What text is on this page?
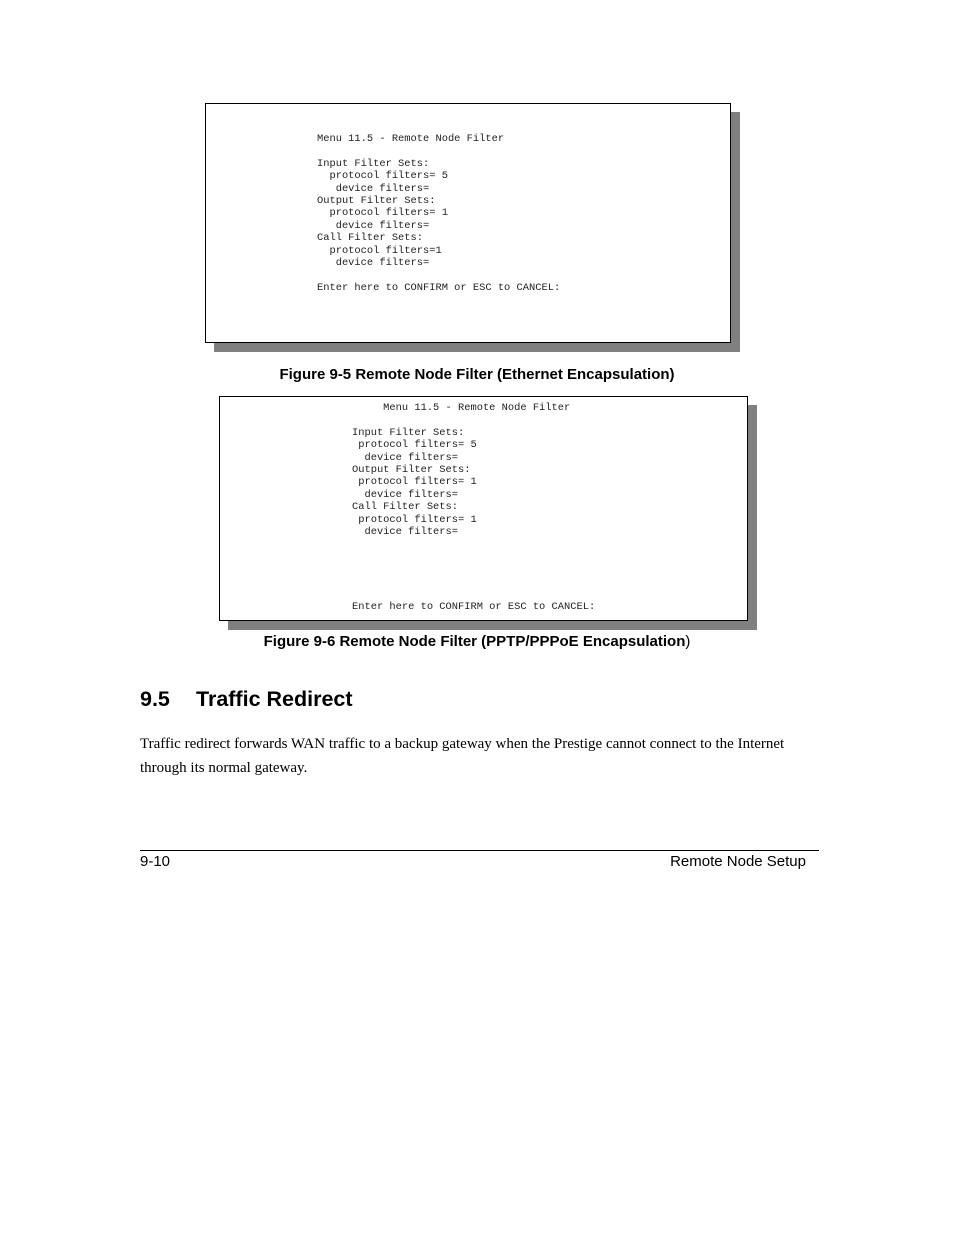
Menu 11.5 - Remote Node Filter

Input Filter Sets:
protocol filters= 5
device filters=
Output Filter Sets:
protocol filters= 1
device filters=
Call Filter Sets:
protocol filters=1
device filters=

Enter here to CONFIRM or ESC to CANCEL:
Figure 9-5 Remote Node Filter (Ethernet Encapsulation)
Menu 11.5 - Remote Node Filter

Input Filter Sets:
protocol filters= 5
device filters=
Output Filter Sets:
protocol filters= 1
device filters=
Call Filter Sets:
protocol filters= 1
device filters=

Enter here to CONFIRM or ESC to CANCEL:
Figure 9-6 Remote Node Filter (PPTP/PPPoE Encapsulation)
9.5 Traffic Redirect

Traffic redirect forwards WAN traffic to a backup gateway when the Prestige cannot connect to the Internet through its normal gateway.

9-10	Remote Node Setup
